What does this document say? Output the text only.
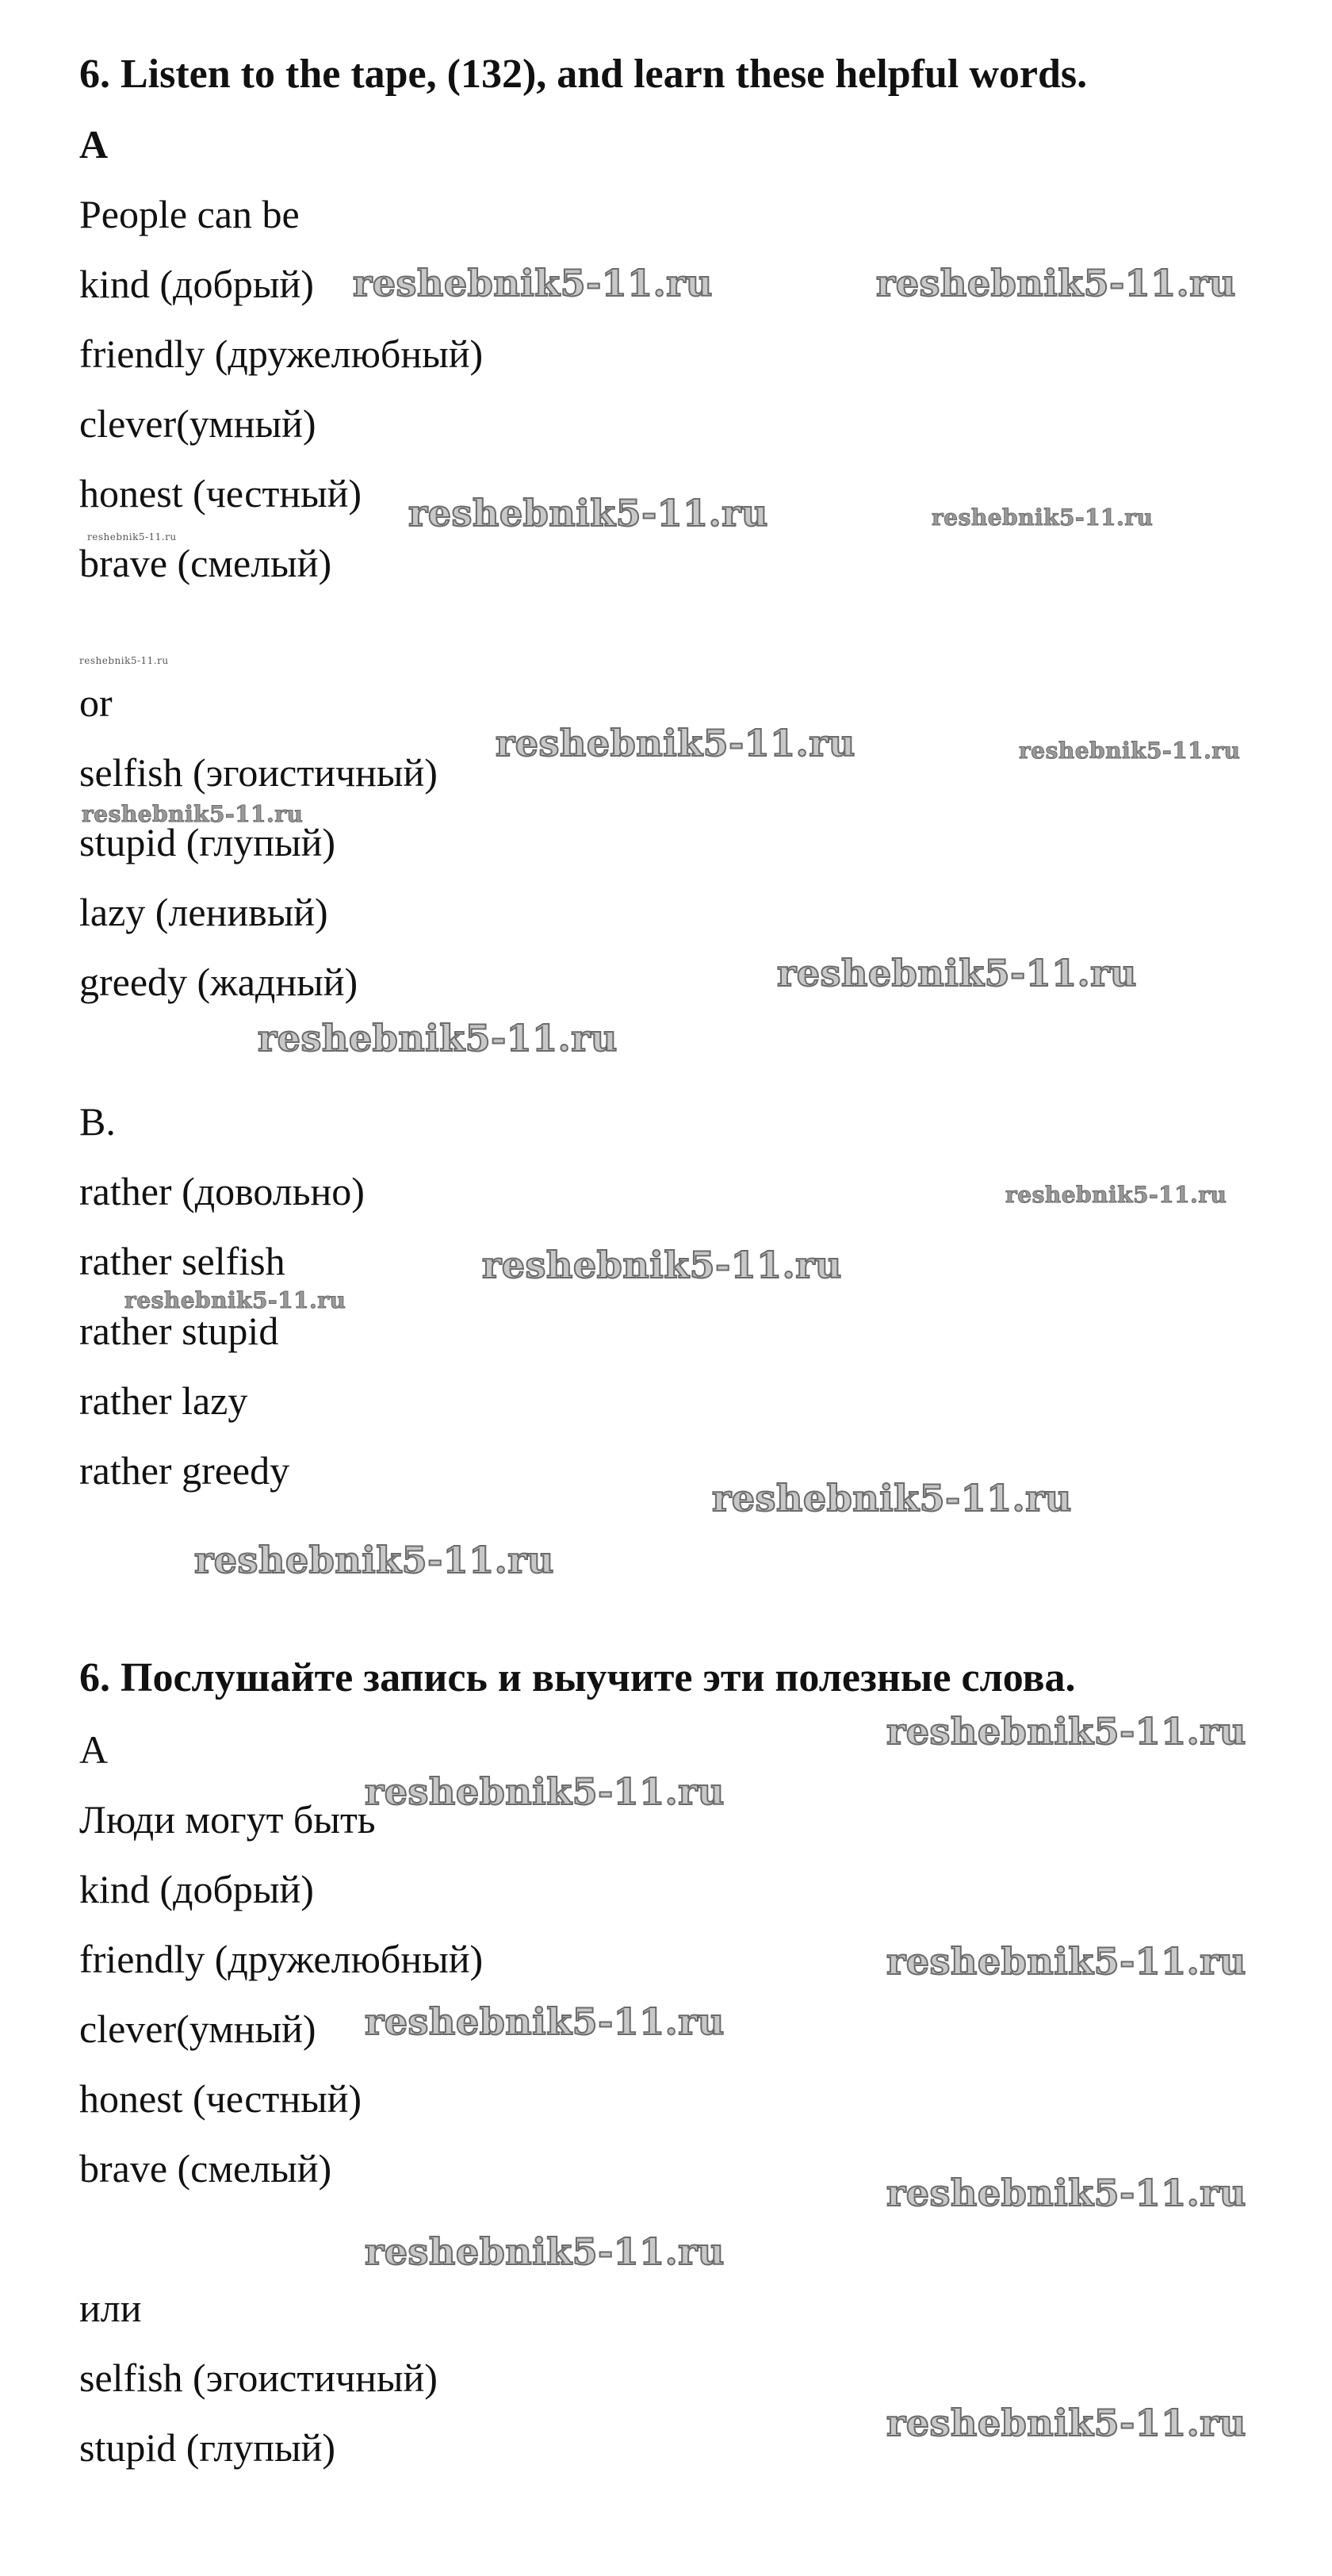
6. Listen to the tape, (132), and learn these helpful words.
A
People can be
kind (добрый)
friendly (дружелюбный)
clever(умный)
honest (честный)
brave (смелый)
or
selfish (эгоистичный)
stupid (глупый)
lazy (ленивый)
greedy (жадный)
B.
rather (довольно)
rather selfish
rather stupid
rather lazy
rather greedy
6. Послушайте запись и выучите эти полезные слова.
A
Люди могут быть
kind (добрый)
friendly (дружелюбный)
clever(умный)
honest (честный)
brave (смелый)
или
selfish (эгоистичный)
stupid (глупый)
reshebnik5-11.ru	reshebnik5-11.ru
reshebnik5-11.ru	reshebnik5-11.ru
reshebnik5-11.ru
reshebnik5-11.ru
reshebnik5-11.ru	reshebnik5-11.ru
reshebnik5-11.ru
reshebnik5-11.ru
reshebnik5-11.ru
reshebnik5-11.ru
reshebnik5-11.ru
reshebnik5-11.ru
reshebnik5-11.ru
reshebnik5-11.ru
reshebnik5-11.ru
reshebnik5-11.ru
reshebnik5-11.ru
reshebnik5-11.ru
reshebnik5-11.ru
reshebnik5-11.ru
reshebnik5-11.ru
